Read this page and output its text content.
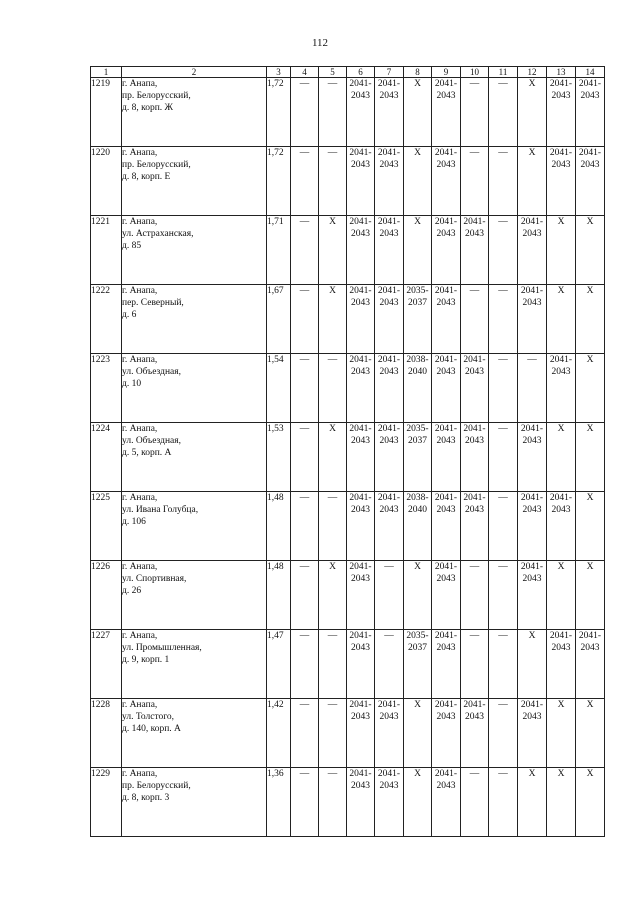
112
1	2	3	4	5	6	7	8	9	10	11	12	13	14
1219	г. Анапа,
пр. Белорусский,
д. 8, корп. Ж	1,72	—	—	2041-
2043	2041-
2043	X	2041-
2043	—	—	X	2041-
2043	2041-
2043

1220	г. Анапа,
пр. Белорусский,
д. 8, корп. Е	1,72	—	—	2041-
2043	2041-
2043	X	2041-
2043	—	—	X	2041-
2043	2041-
2043

1221	г. Анапа,
ул. Астраханская,
д. 85	1,71	—	X	2041-
2043	2041-
2043	X	2041-
2043	2041-
2043	—	2041-
2043	X	X

1222	г. Анапа,
пер. Северный,
д. 6	1,67	—	X	2041-
2043	2041-
2043	2035-
2037	2041-
2043	—	—	2041-
2043	X	X

1223	г. Анапа,
ул. Объездная,
д. 10	1,54	—	—	2041-
2043	2041-
2043	2038-
2040	2041-
2043	2041-
2043	—	—	2041-
2043	X

1224	г. Анапа,
ул. Объездная,
д. 5, корп. А	1,53	—	X	2041-
2043	2041-
2043	2035-
2037	2041-
2043	2041-
2043	—	2041-
2043	X	X

1225	г. Анапа,
ул. Ивана Голубца,
д. 106	1,48	—	—	2041-
2043	2041-
2043	2038-
2040	2041-
2043	2041-
2043	—	2041-
2043	2041-
2043	X

1226	г. Анапа,
ул. Спортивная,
д. 26	1,48	—	X	2041-
2043	—	X	2041-
2043	—	—	2041-
2043	X	X

1227	г. Анапа,
ул. Промышленная,
д. 9, корп. 1	1,47	—	—	2041-
2043	—	2035-
2037	2041-
2043	—	—	X	2041-
2043	2041-
2043

1228	г. Анапа,
ул. Толстого,
д. 140, корп. А	1,42	—	—	2041-
2043	2041-
2043	X	2041-
2043	2041-
2043	—	2041-
2043	X	X

1229	г. Анапа,
пр. Белорусский,
д. 8, корп. 3	1,36	—	—	2041-
2043	2041-
2043	X	2041-
2043	—	—	X	X	X
